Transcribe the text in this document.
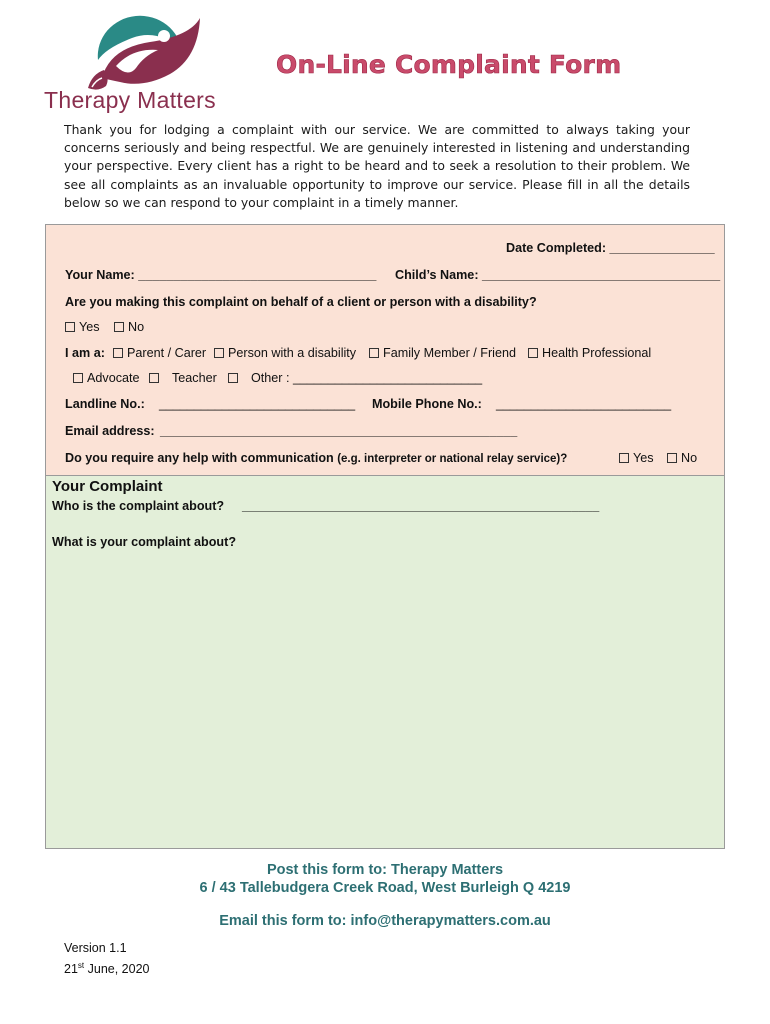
Therapy Matters
On-Line Complaint Form

Thank you for lodging a complaint with our service. We are committed to always taking your concerns seriously and being respectful. We are genuinely interested in listening and understanding your perspective. Every client has a right to be heard and to seek a resolution to their problem. We see all complaints as an invaluable opportunity to improve our service. Please fill in all the details below so we can respond to your complaint in a timely manner.

Date Completed: _______________
Your Name: __________________________________ Child’s Name: __________________________________
Are you making this complaint on behalf of a client or person with a disability?
Yes	No
I am a:	Parent / Carer	Person with a disability	Family Member / Friend	Health Professional
Advocate	Teacher	Other : ___________________________
Landline No.: ____________________________ Mobile Phone No.: _________________________
Email address: ___________________________________________________
Do you require any help with communication (e.g. interpreter or national relay service)?	Yes	No
Your Complaint
Who is the complaint about? ___________________________________________________
What is your complaint about?
Post this form to: Therapy Matters
6 / 43 Tallebudgera Creek Road, West Burleigh Q 4219
Email this form to: info@therapymatters.com.au
Version 1.1
21st June, 2020
